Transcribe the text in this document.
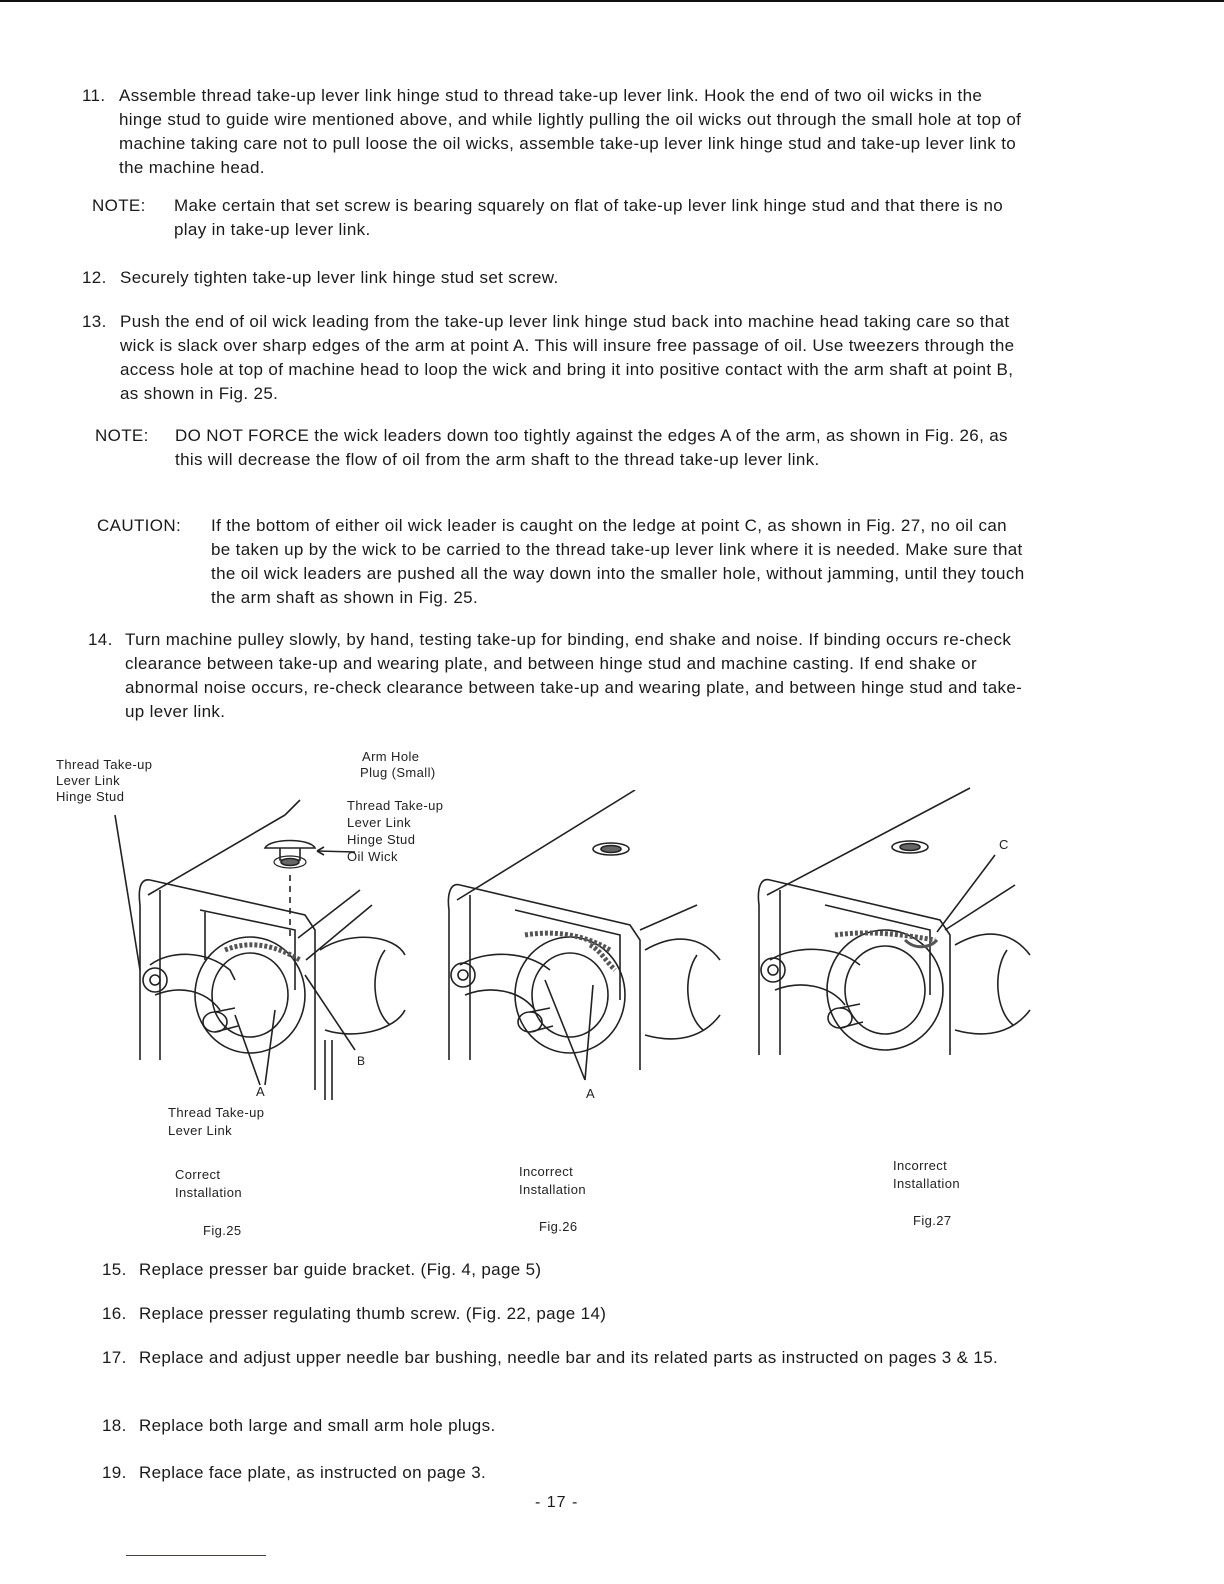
11. Assemble thread take-up lever link hinge stud to thread take-up lever link. Hook the end of two oil wicks in the hinge stud to guide wire mentioned above, and while lightly pulling the oil wicks out through the small hole at top of machine taking care not to pull loose the oil wicks, assemble take-up lever link hinge stud and take-up lever link to the machine head.
NOTE: Make certain that set screw is bearing squarely on flat of take-up lever link hinge stud and that there is no play in take-up lever link.
12. Securely tighten take-up lever link hinge stud set screw.
13. Push the end of oil wick leading from the take-up lever link hinge stud back into machine head taking care so that wick is slack over sharp edges of the arm at point A. This will insure free passage of oil. Use tweezers through the access hole at top of machine head to loop the wick and bring it into positive contact with the arm shaft at point B, as shown in Fig. 25.
NOTE: DO NOT FORCE the wick leaders down too tightly against the edges A of the arm, as shown in Fig. 26, as this will decrease the flow of oil from the arm shaft to the thread take-up lever link.
CAUTION: If the bottom of either oil wick leader is caught on the ledge at point C, as shown in Fig. 27, no oil can be taken up by the wick to be carried to the thread take-up lever link where it is needed. Make sure that the oil wick leaders are pushed all the way down into the smaller hole, without jamming, until they touch the arm shaft as shown in Fig. 25.
14. Turn machine pulley slowly, by hand, testing take-up for binding, end shake and noise. If binding occurs re-check clearance between take-up and wearing plate, and between hinge stud and machine casting. If end shake or abnormal noise occurs, re-check clearance between take-up and wearing plate, and between hinge stud and take-up lever link.
Thread Take-up
Lever Link
Hinge Stud
Arm Hole
Plug (Small)
Thread Take-up
Lever Link
Hinge Stud
Oil Wick
Thread Take-up
Lever Link
A
B
A
C
Correct
Installation
Incorrect
Installation
Incorrect
Installation
Fig.25	Fig.26	Fig.27
15. Replace presser bar guide bracket. (Fig. 4, page 5)
16. Replace presser regulating thumb screw. (Fig. 22, page 14)
17. Replace and adjust upper needle bar bushing, needle bar and its related parts as instructed on pages 3 & 15.
18. Replace both large and small arm hole plugs.
19. Replace face plate, as instructed on page 3.
- 17 -
